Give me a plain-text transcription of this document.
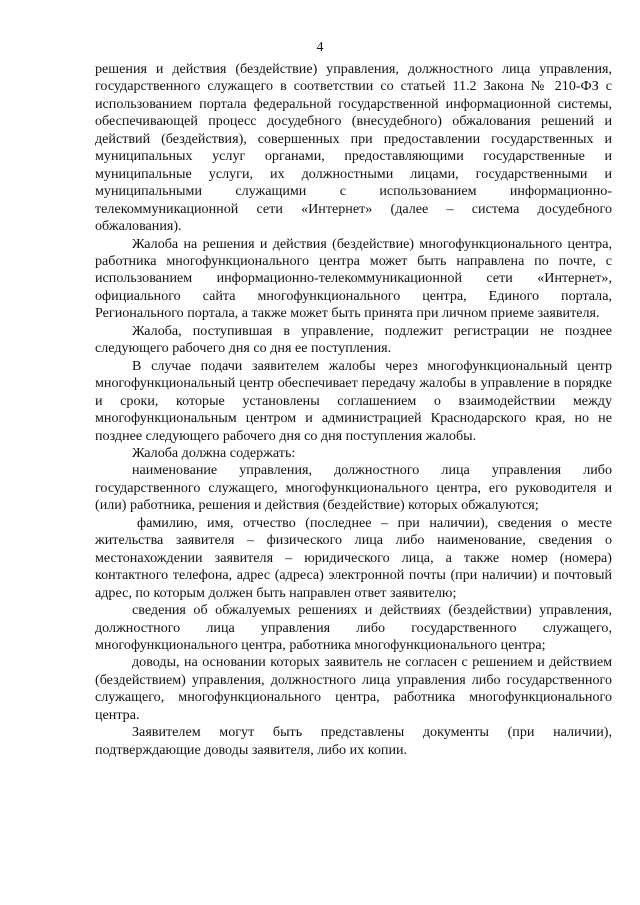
4

решения и действия (бездействие) управления, должностного лица управления, государственного служащего в соответствии со статьей 11.2 Закона № 210-ФЗ с использованием портала федеральной государственной информационной системы, обеспечивающей процесс досудебного (внесудебного) обжалования решений и действий (бездействия), совершенных при предоставлении государственных и муниципальных услуг органами, предоставляющими государственные и муниципальные услуги, их должностными лицами, государственными и муниципальными служащими с использованием информационно-телекоммуникационной сети «Интернет» (далее – система досудебного обжалования).

Жалоба на решения и действия (бездействие) многофункционального центра, работника многофункционального центра может быть направлена по почте, с использованием информационно-телекоммуникационной сети «Интернет», официального сайта многофункционального центра, Единого портала, Регионального портала, а также может быть принята при личном приеме заявителя.

Жалоба, поступившая в управление, подлежит регистрации не позднее следующего рабочего дня со дня ее поступления.

В случае подачи заявителем жалобы через многофункциональный центр многофункциональный центр обеспечивает передачу жалобы в управление в порядке и сроки, которые установлены соглашением о взаимодействии между многофункциональным центром и администрацией Краснодарского края, но не позднее следующего рабочего дня со дня поступления жалобы.

Жалоба должна содержать:

наименование управления, должностного лица управления либо государственного служащего, многофункционального центра, его руководителя и (или) работника, решения и действия (бездействие) которых обжалуются;

фамилию, имя, отчество (последнее – при наличии), сведения о месте жительства заявителя – физического лица либо наименование, сведения о местонахождении заявителя – юридического лица, а также номер (номера) контактного телефона, адрес (адреса) электронной почты (при наличии) и почтовый адрес, по которым должен быть направлен ответ заявителю;

сведения об обжалуемых решениях и действиях (бездействии) управления, должностного лица управления либо государственного служащего, многофункционального центра, работника многофункционального центра;

доводы, на основании которых заявитель не согласен с решением и действием (бездействием) управления, должностного лица управления либо государственного служащего, многофункционального центра, работника многофункционального центра.

Заявителем могут быть представлены документы (при наличии), подтверждающие доводы заявителя, либо их копии.
